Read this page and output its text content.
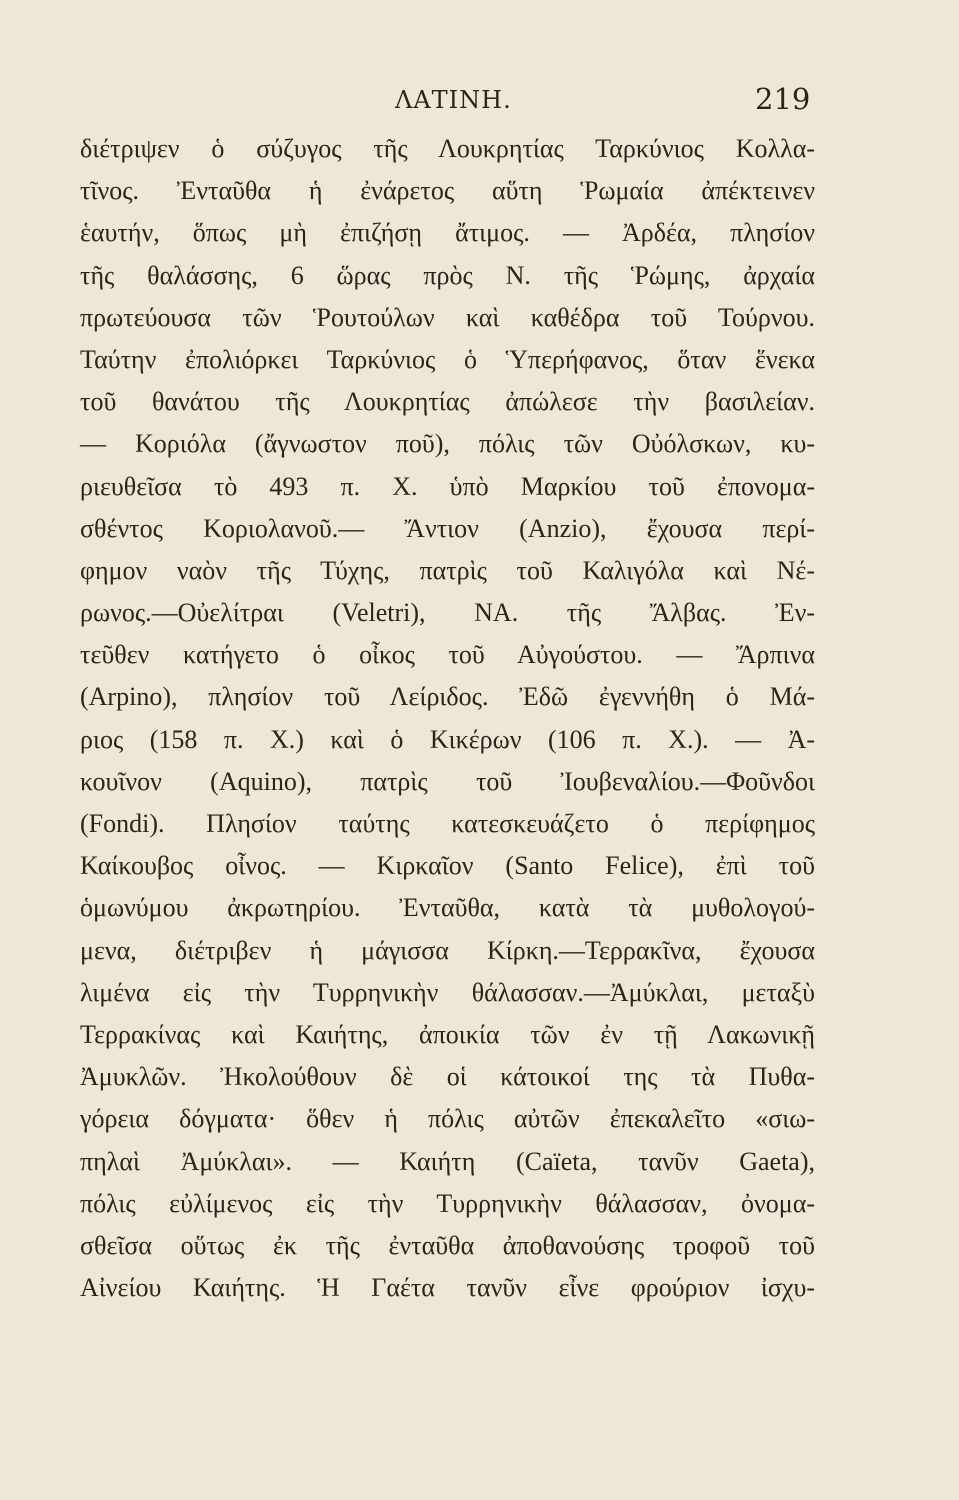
ΛΑΤΙΝΗ.	219
διέτριψεν ὁ σύζυγος τῆς Λουκρητίας Ταρκύνιος Κολλα-
τῖνος. Ἐνταῦθα ἡ ἐνάρετος αὕτη Ῥωμαία ἀπέκτεινεν
ἑαυτήν, ὅπως μὴ ἐπιζήσῃ ἄτιμος. — Ἀρδέα, πλησίον
τῆς θαλάσσης, 6 ὥρας πρὸς Ν. τῆς Ῥώμης, ἀρχαία
πρωτεύουσα τῶν Ῥουτούλων καὶ καθέδρα τοῦ Τούρνου.
Ταύτην ἐπολιόρκει Ταρκύνιος ὁ Ὑπερήφανος, ὅταν ἕνεκα
τοῦ θανάτου τῆς Λουκρητίας ἀπώλεσε τὴν βασιλείαν.
— Κοριόλα (ἄγνωστον ποῦ), πόλις τῶν Οὐόλσκων, κυ-
ριευθεῖσα τὸ 493 π. Χ. ὑπὸ Μαρκίου τοῦ ἐπονομα-
σθέντος Κοριολανοῦ.— Ἄντιον (Anzio), ἔχουσα περί-
φημον ναὸν τῆς Τύχης, πατρὶς τοῦ Καλιγόλα καὶ Νέ-
ρωνος.—Οὐελίτραι (Veletri), ΝΑ. τῆς Ἄλβας. Ἐν-
τεῦθεν κατήγετο ὁ οἶκος τοῦ Αὐγούστου. — Ἄρπινα
(Arpino), πλησίον τοῦ Λείριδος. Ἐδῶ ἐγεννήθη ὁ Μά-
ριος (158 π. Χ.) καὶ ὁ Κικέρων (106 π. Χ.). — Ἀ-
κουῖνον (Aquino), πατρὶς τοῦ Ἰουβεναλίου.—Φοῦνδοι
(Fondi). Πλησίον ταύτης κατεσκευάζετο ὁ περίφημος
Καίκουβος οἶνος. — Κιρκαῖον (Santo Felice), ἐπὶ τοῦ
ὁμωνύμου ἀκρωτηρίου. Ἐνταῦθα, κατὰ τὰ μυθολογού-
μενα, διέτριβεν ἡ μάγισσα Κίρκη.—Τερρακῖνα, ἔχουσα
λιμένα εἰς τὴν Τυρρηνικὴν θάλασσαν.—Ἀμύκλαι, μεταξὺ
Τερρακίνας καὶ Καιήτης, ἀποικία τῶν ἐν τῇ Λακωνικῇ
Ἀμυκλῶν. Ἠκολούθουν δὲ οἱ κάτοικοί της τὰ Πυθα-
γόρεια δόγματα· ὅθεν ἡ πόλις αὐτῶν ἐπεκαλεῖτο «σιω-
πηλαὶ Ἀμύκλαι». — Καιήτη (Caïeta, τανῦν Gaeta),
πόλις εὐλίμενος εἰς τὴν Τυρρηνικὴν θάλασσαν, ὀνομα-
σθεῖσα οὕτως ἐκ τῆς ἐνταῦθα ἀποθανούσης τροφοῦ τοῦ
Αἰνείου Καιήτης. Ἡ Γαέτα τανῦν εἶνε φρούριον ἰσχυ-
